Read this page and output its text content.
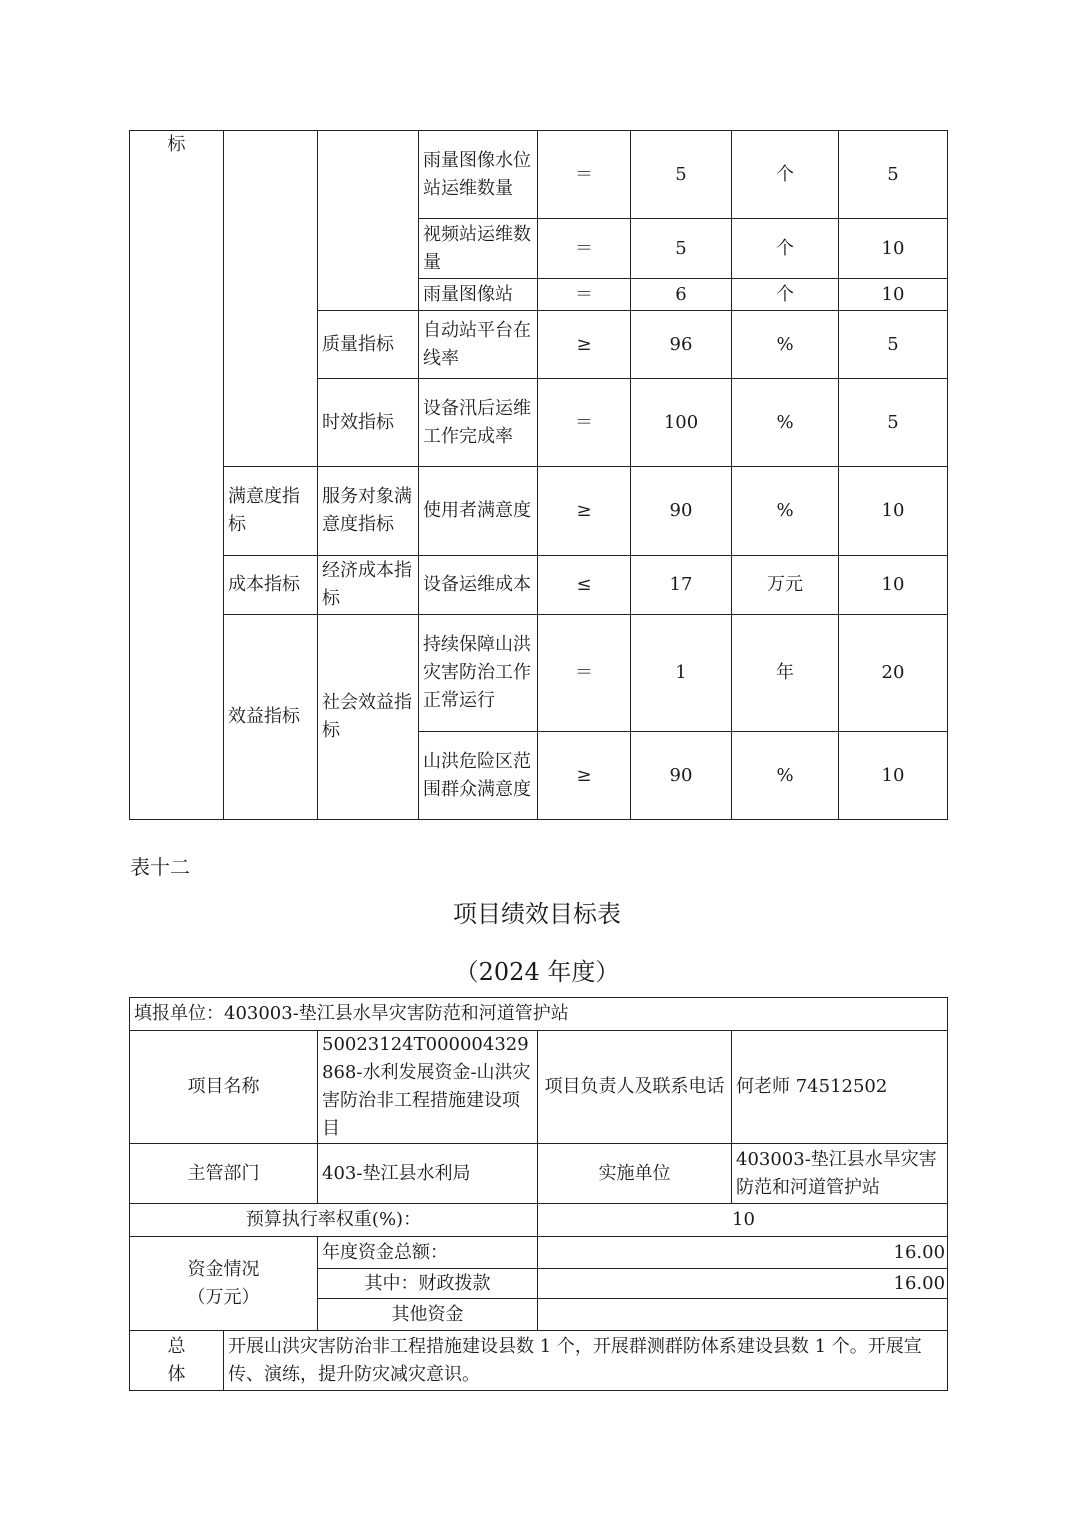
标			雨量图像水位站运维数量	＝	5	个	5
			视频站运维数量	＝	5	个	10
			雨量图像站	＝	6	个	10
		质量指标	自动站平台在线率	≥	96	%	5
		时效指标	设备汛后运维工作完成率	＝	100	%	5
	满意度指标	服务对象满意度指标	使用者满意度	≥	90	%	10
	成本指标	经济成本指标	设备运维成本	≤	17	万元	10
	效益指标	社会效益指标	持续保障山洪灾害防治工作正常运行	＝	1	年	20
			山洪危险区范围群众满意度	≥	90	%	10
表十二
项目绩效目标表
（2024 年度）
填报单位：403003-垫江县水旱灾害防范和河道管护站				
项目名称		50023124T000004329868-水利发展资金-山洪灾害防治非工程措施建设项目	项目负责人及联系电话	何老师 74512502
主管部门		403-垫江县水利局	实施单位	403003-垫江县水旱灾害防范和河道管护站
预算执行率权重(%)：			10	

资金情况
（万元）		年度资金总额：	16.00	
		其中：财政拨款	16.00	
		其他资金		

总
体	开展山洪灾害防治非工程措施建设县数 1 个，开展群测群防体系建设县数 1 个。开展宣传、演练，提升防灾减灾意识。			
